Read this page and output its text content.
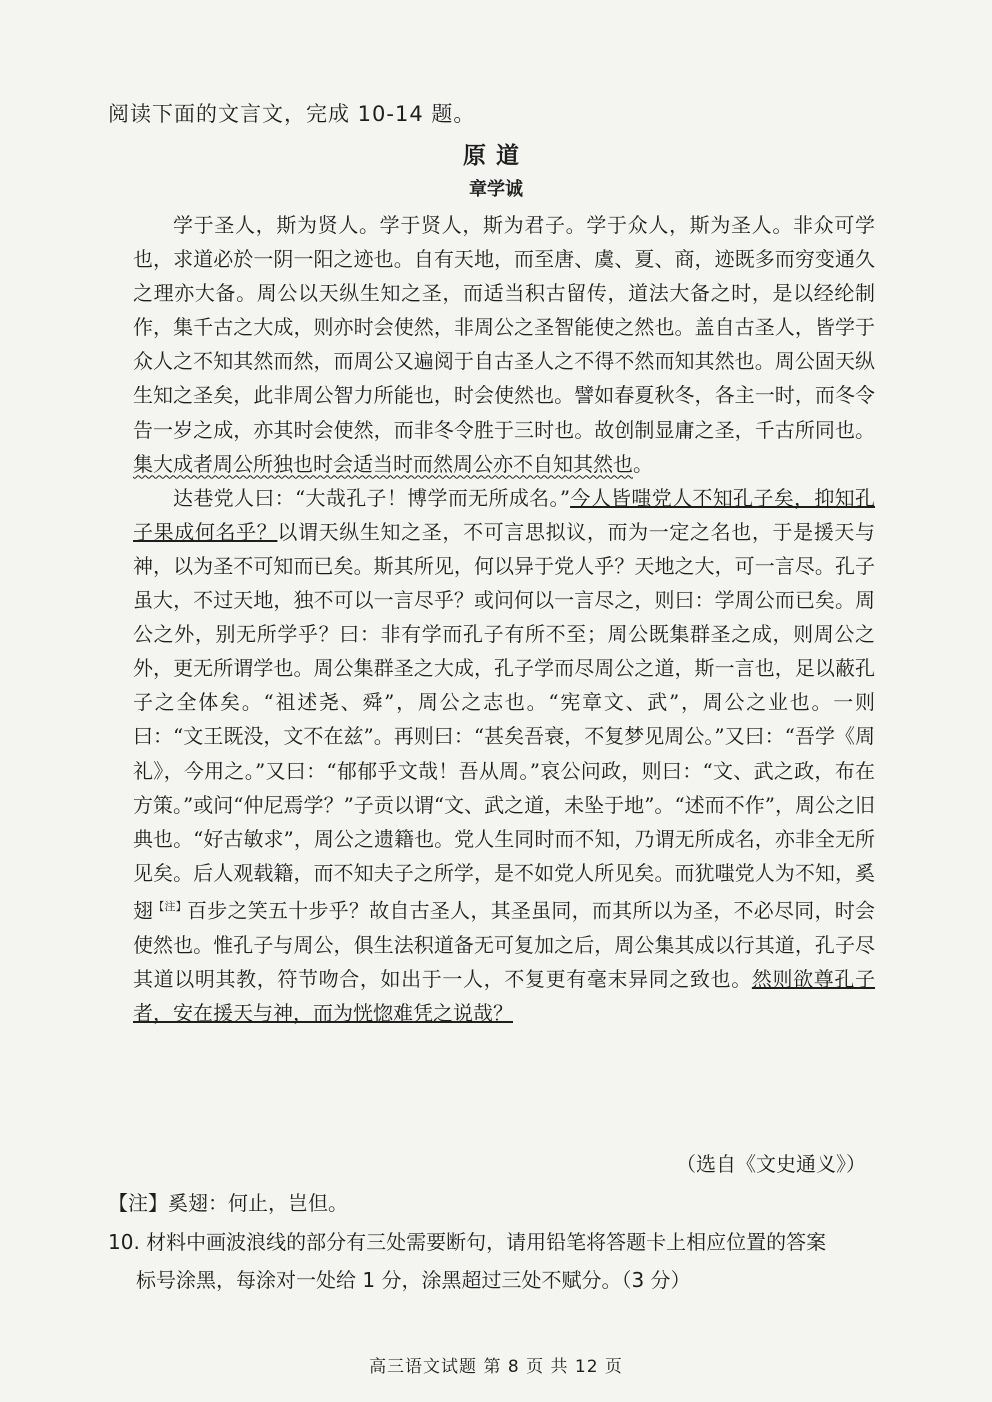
阅读下面的文言文，完成 10-14 题。
原道
章学诚

学于圣人，斯为贤人。学于贤人，斯为君子。学于众人，斯为圣人。非众可学也，求道必於一阴一阳之迹也。自有天地，而至唐、虞、夏、商，迹既多而穷变通久之理亦大备。周公以天纵生知之圣，而适当积古留传，道法大备之时，是以经纶制作，集千古之大成，则亦时会使然，非周公之圣智能使之然也。盖自古圣人，皆学于众人之不知其然而然，而周公又遍阅于自古圣人之不得不然而知其然也。周公固天纵生知之圣矣，此非周公智力所能也，时会使然也。譬如春夏秋冬，各主一时，而冬令告一岁之成，亦其时会使然，而非冬令胜于三时也。故创制显庸之圣，千古所同也。集大成者周公所独也时会适当时而然周公亦不自知其然也。

达巷党人曰：“大哉孔子！博学而无所成名。”今人皆嗤党人不知孔子矣，抑知孔子果成何名乎？以谓天纵生知之圣，不可言思拟议，而为一定之名也，于是援天与神，以为圣不可知而已矣。斯其所见，何以异于党人乎？天地之大，可一言尽。孔子虽大，不过天地，独不可以一言尽乎？或问何以一言尽之，则曰：学周公而已矣。周公之外，别无所学乎？曰：非有学而孔子有所不至；周公既集群圣之成，则周公之外，更无所谓学也。周公集群圣之大成，孔子学而尽周公之道，斯一言也，足以蔽孔子之全体矣。“祖述尧、舜”，周公之志也。“宪章文、武”，周公之业也。一则曰：“文王既没，文不在兹”。再则曰：“甚矣吾衰，不复梦见周公。”又曰：“吾学《周礼》，今用之。”又曰：“郁郁乎文哉！吾从周。”哀公问政，则曰：“文、武之政，布在方策。”或问“仲尼焉学？”子贡以谓“文、武之道，未坠于地”。“述而不作”，周公之旧典也。“好古敏求”，周公之遗籍也。党人生同时而不知，乃谓无所成名，亦非全无所见矣。后人观载籍，而不知夫子之所学，是不如党人所见矣。而犹嗤党人为不知，奚翅$^{【注】}$百步之笑五十步乎？故自古圣人，其圣虽同，而其所以为圣，不必尽同，时会使然也。惟孔子与周公，俱生法积道备无可复加之后，周公集其成以行其道，孔子尽其道以明其教，符节吻合，如出于一人，不复更有毫末异同之致也。然则欲尊孔子者，安在援天与神，而为恍惚难凭之说哉？

（选自《文史通义》）
【注】奚翅：何止，岂但。
10. 材料中画波浪线的部分有三处需要断句，请用铅笔将答题卡上相应位置的答案
标号涂黑，每涂对一处给 1 分，涂黑超过三处不赋分。（3 分）
高三语文试题 第 8 页 共 12 页
